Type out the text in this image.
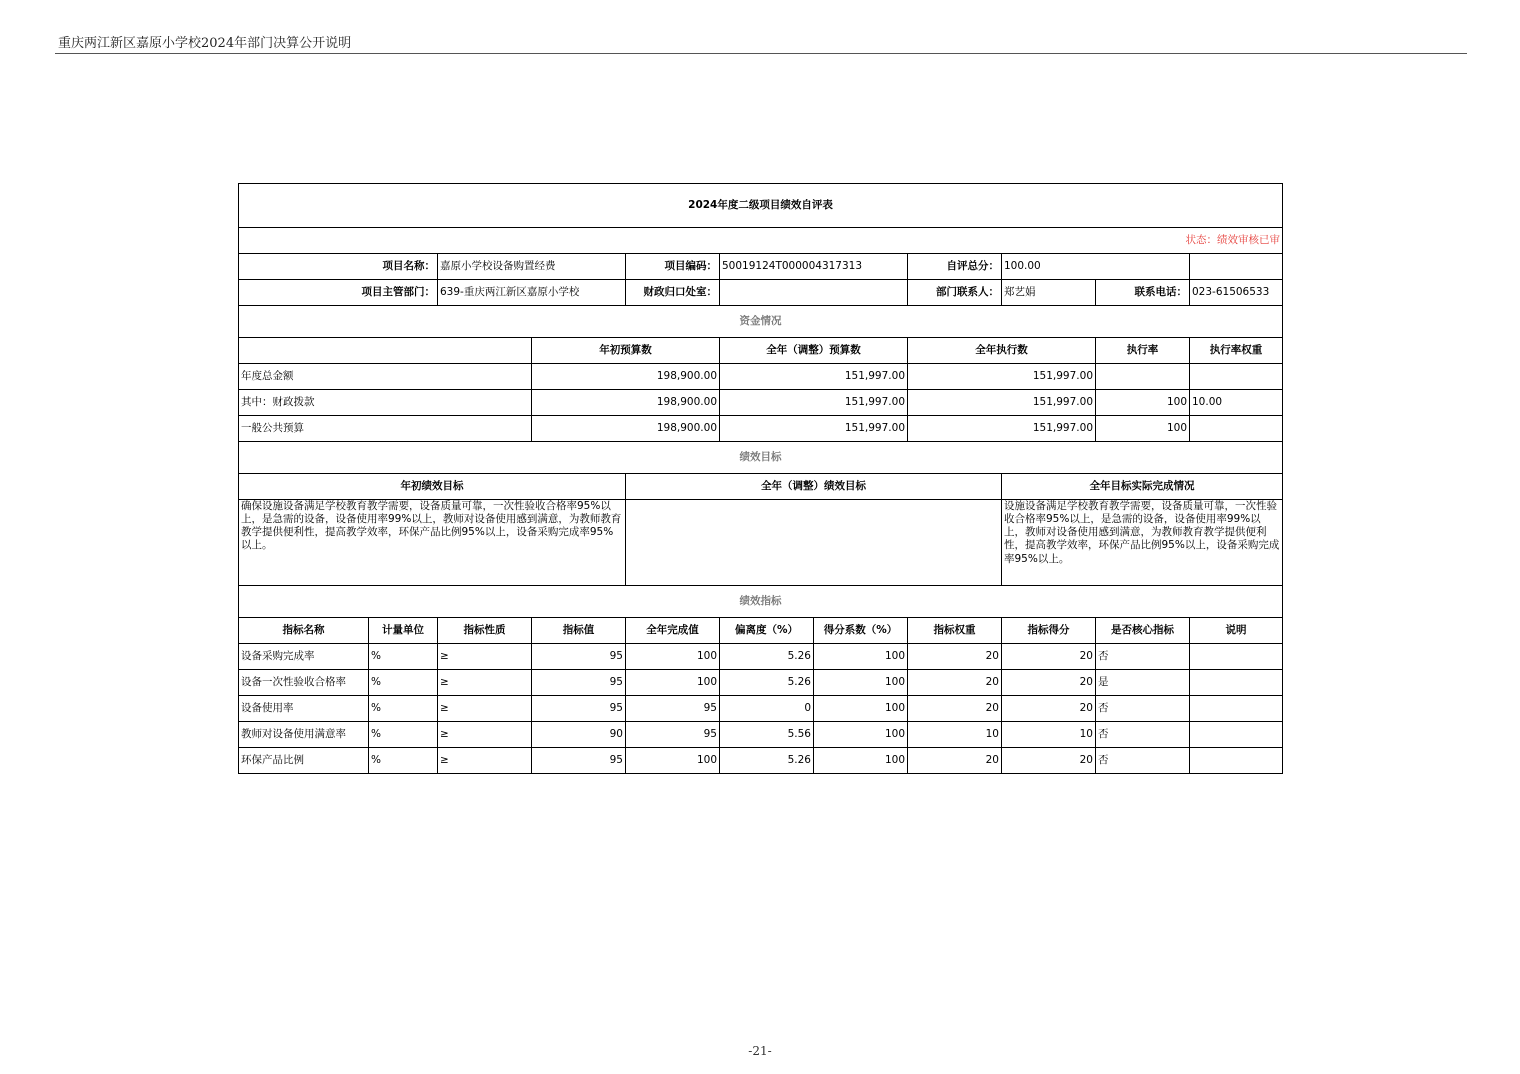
重庆两江新区嘉原小学校2024年部门决算公开说明
2024年度二级项目绩效自评表											
状态：绩效审核已审											
项目名称：		嘉原小学校设备购置经费		项目编码：	50019124T000004317313		自评总分：	100.00			
项目主管部门：		639-重庆两江新区嘉原小学校		财政归口处室：			部门联系人：	郑艺娟	联系电话：	023-61506533	
资金情况											
			年初预算数		全年（调整）预算数		全年执行数		执行率	执行率权重	
年度总金额			198,900.00		151,997.00		151,997.00				
其中：财政拨款			198,900.00		151,997.00		151,997.00		100	10.00	
一般公共预算			198,900.00		151,997.00		151,997.00		100		
绩效目标											
年初绩效目标				全年（调整）绩效目标				全年目标实际完成情况			
确保设施设备满足学校教育教学需要，设备质量可靠，一次性验收合格率95%以上，是急需的设备，设备使用率99%以上，教师对设备使用感到满意，为教师教育教学提供便利性，提高教学效率，环保产品比例95%以上，设备采购完成率95%以上。								设施设备满足学校教育教学需要，设备质量可靠，一次性验收合格率95%以上，是急需的设备，设备使用率99%以上，教师对设备使用感到满意，为教师教育教学提供便利性，提高教学效率，环保产品比例95%以上，设备采购完成率95%以上。			
绩效指标											
指标名称	计量单位	指标性质	指标值	全年完成值	偏离度（%）	得分系数（%）	指标权重	指标得分	是否核心指标	说明	
设备采购完成率	%	≥	95	100	5.26	100	20	20	否		
设备一次性验收合格率	%	≥	95	100	5.26	100	20	20	是		
设备使用率	%	≥	95	95	0	100	20	20	否		
教师对设备使用满意率	%	≥	90	95	5.56	100	10	10	否		
环保产品比例	%	≥	95	100	5.26	100	20	20	否		
-21-
